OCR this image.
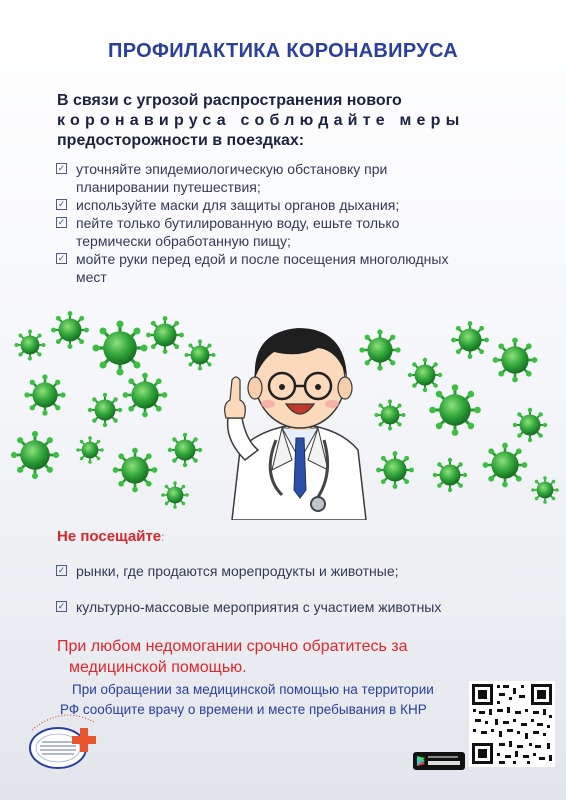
ПРОФИЛАКТИКА КОРОНАВИРУСА
В связи с угрозой распространения нового
коронавируса соблюдайте меры
предосторожности в поездках:
✓ уточняйте эпидемиологическую обстановку при
планировании путешествия;
✓ используйте маски для защиты органов дыхания;
✓ пейте только бутилированную воду, ешьте только
термически обработанную пищу;
✓ мойте руки перед едой и после посещения многолюдных
мест
Не посещайте:
✓ рынки, где продаются морепродукты и животные;
✓ культурно-массовые мероприятия с участием животных
При любом недомогании срочно обратитесь за
медицинской помощью.
При обращении за медицинской помощью на территории
РФ сообщите врачу о времени и месте пребывания в КНР
